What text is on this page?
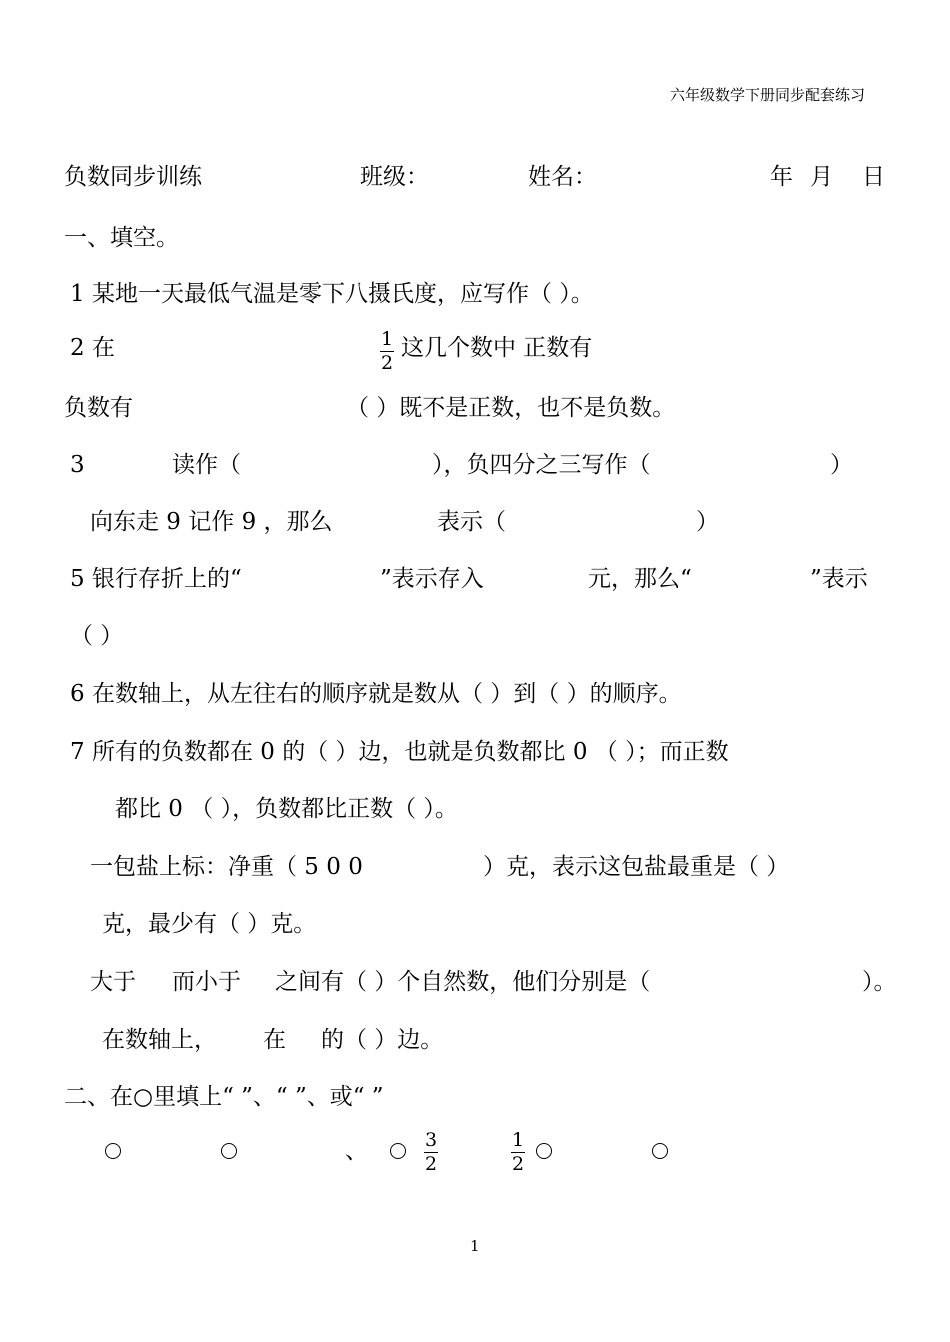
六年级数学下册同步配套练习
负数同步训练	班级：	姓名：	年 月 日
一、填空。
1 某地一天最低气温是零下八摄氏度，应写作（ ）。
2 在	$\frac{1}{2}$ 这几个数中 正数有
负数有	（ ）既不是正数，也不是负数。
3	读作（	），负四分之三写作（	）
向东走 9 记作 9 ，那么	表示（	）
5 银行存折上的“	”表示存入	元，那么“	”表示
（ ）
6 在数轴上，从左往右的顺序就是数从（ ）到（ ）的顺序。
7 所有的负数都在 0 的（ ）边，也就是负数都比 0 （ ）；而正数
都比 0 （ ），负数都比正数（ ）。
一包盐上标：净重（ 5 0 0	）克，表示这包盐最重是（ ）
克，最少有（ ）克。
大于 而小于 之间有（ ）个自然数，他们分别是（	）。
在数轴上， 在 的（ ）边。
二、在○里填上“ ”、“ ”、或“ ”
、	$\frac{3}{2}$	$\frac{1}{2}$
1
